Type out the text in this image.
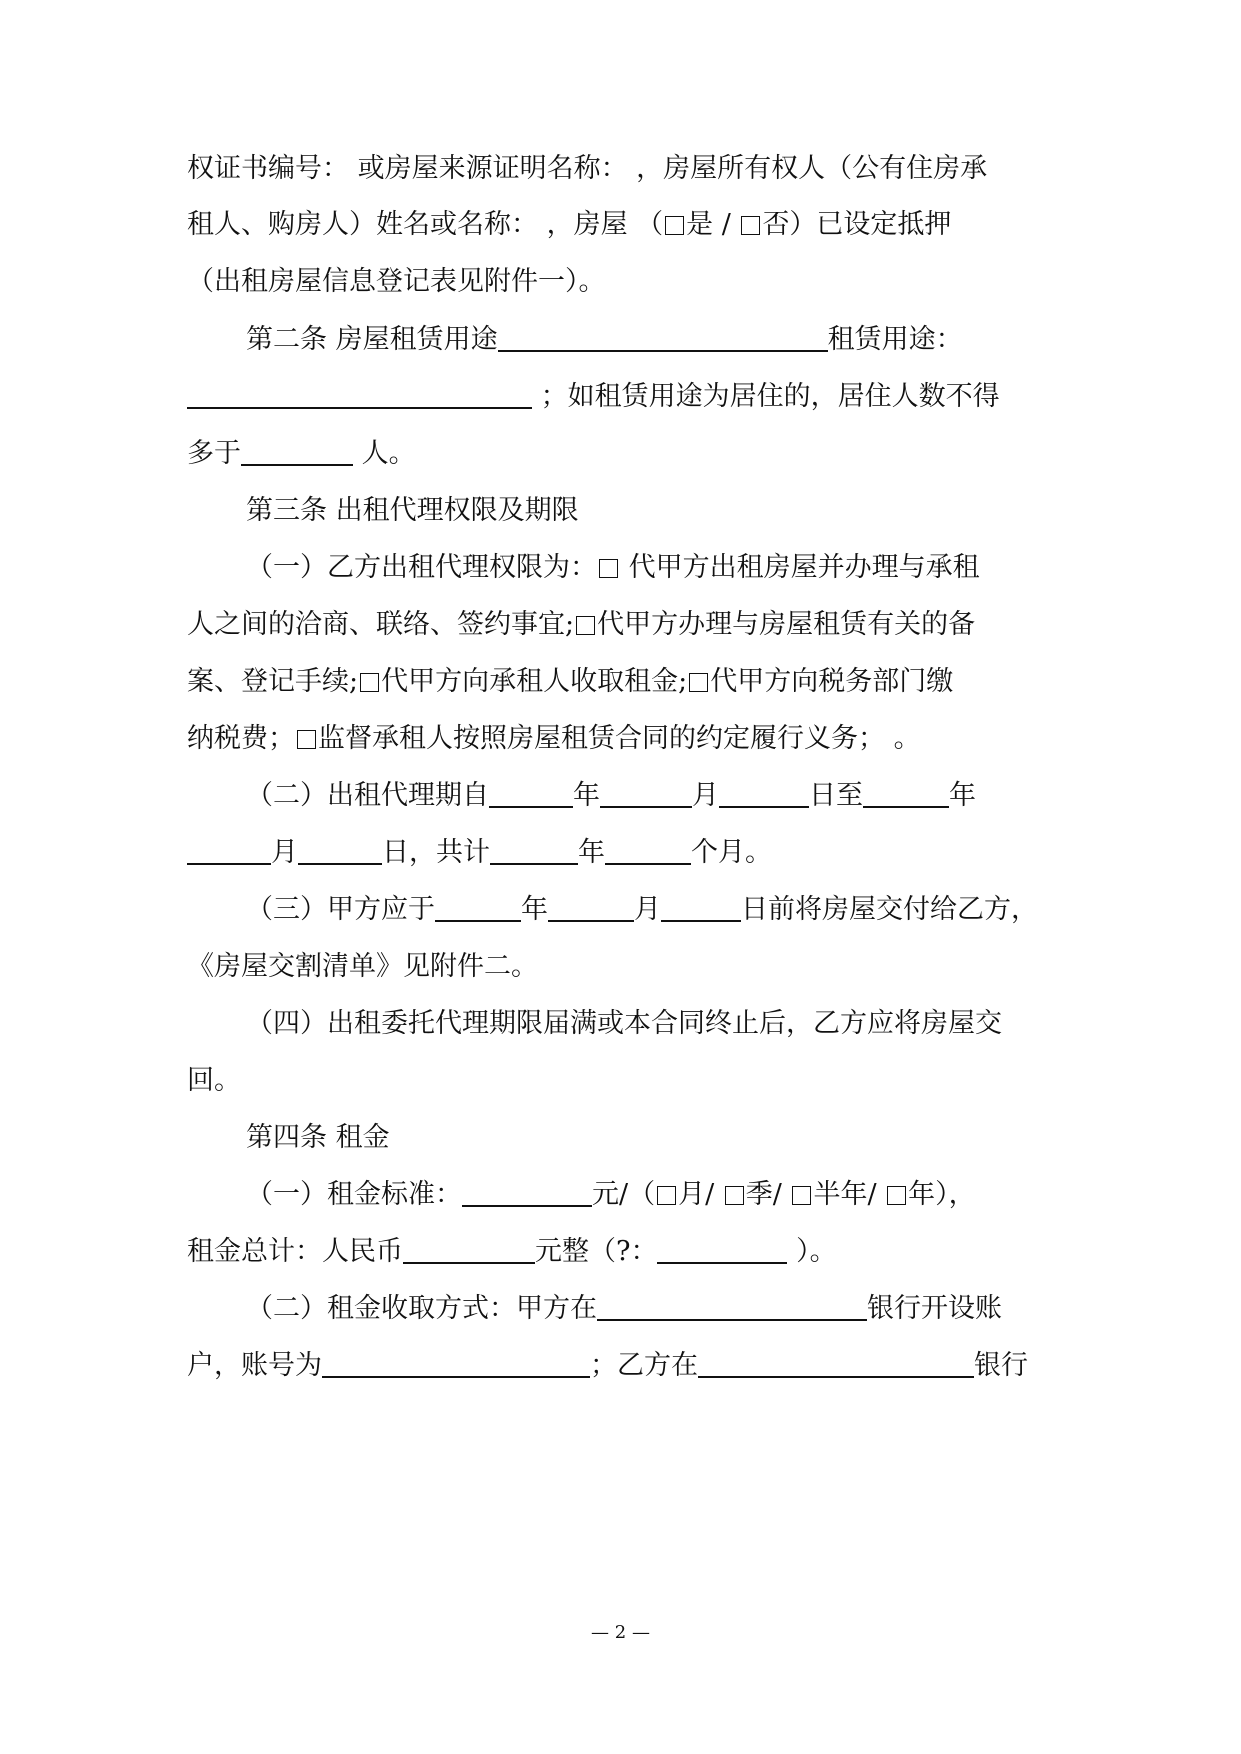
权证书编号： 或房屋来源证明名称： ，房屋所有权人（公有住房承
租人、购房人）姓名或名称： ，房屋 （ 是 / 否）已设定抵押
（出租房屋信息登记表见附件一）。
第二条 房屋租赁用途	租赁用途：
；如租赁用途为居住的，居住人数不得
多于	人。
第三条 出租代理权限及期限
（一）乙方出租代理权限为： 代甲方出租房屋并办理与承租
人之间的洽商、联络、签约事宜; 代甲方办理与房屋租赁有关的备
案、登记手续; 代甲方向承租人收取租金; 代甲方向税务部门缴
纳税费； 监督承租人按照房屋租赁合同的约定履行义务； 。
（二）出租代理期自	年	月	日至	年
月	日，共计	年	个月。
（三）甲方应于	年	月	日前将房屋交付给乙方，
《房屋交割清单》见附件二。
（四）出租委托代理期限届满或本合同终止后，乙方应将房屋交
回。
第四条 租金
（一）租金标准：	元/（ 月/ 季/ 半年/ 年），
租金总计：人民币	元整（?：	）。
（二）租金收取方式：甲方在	银行开设账
户，账号为	；乙方在	银行
— 2 —
